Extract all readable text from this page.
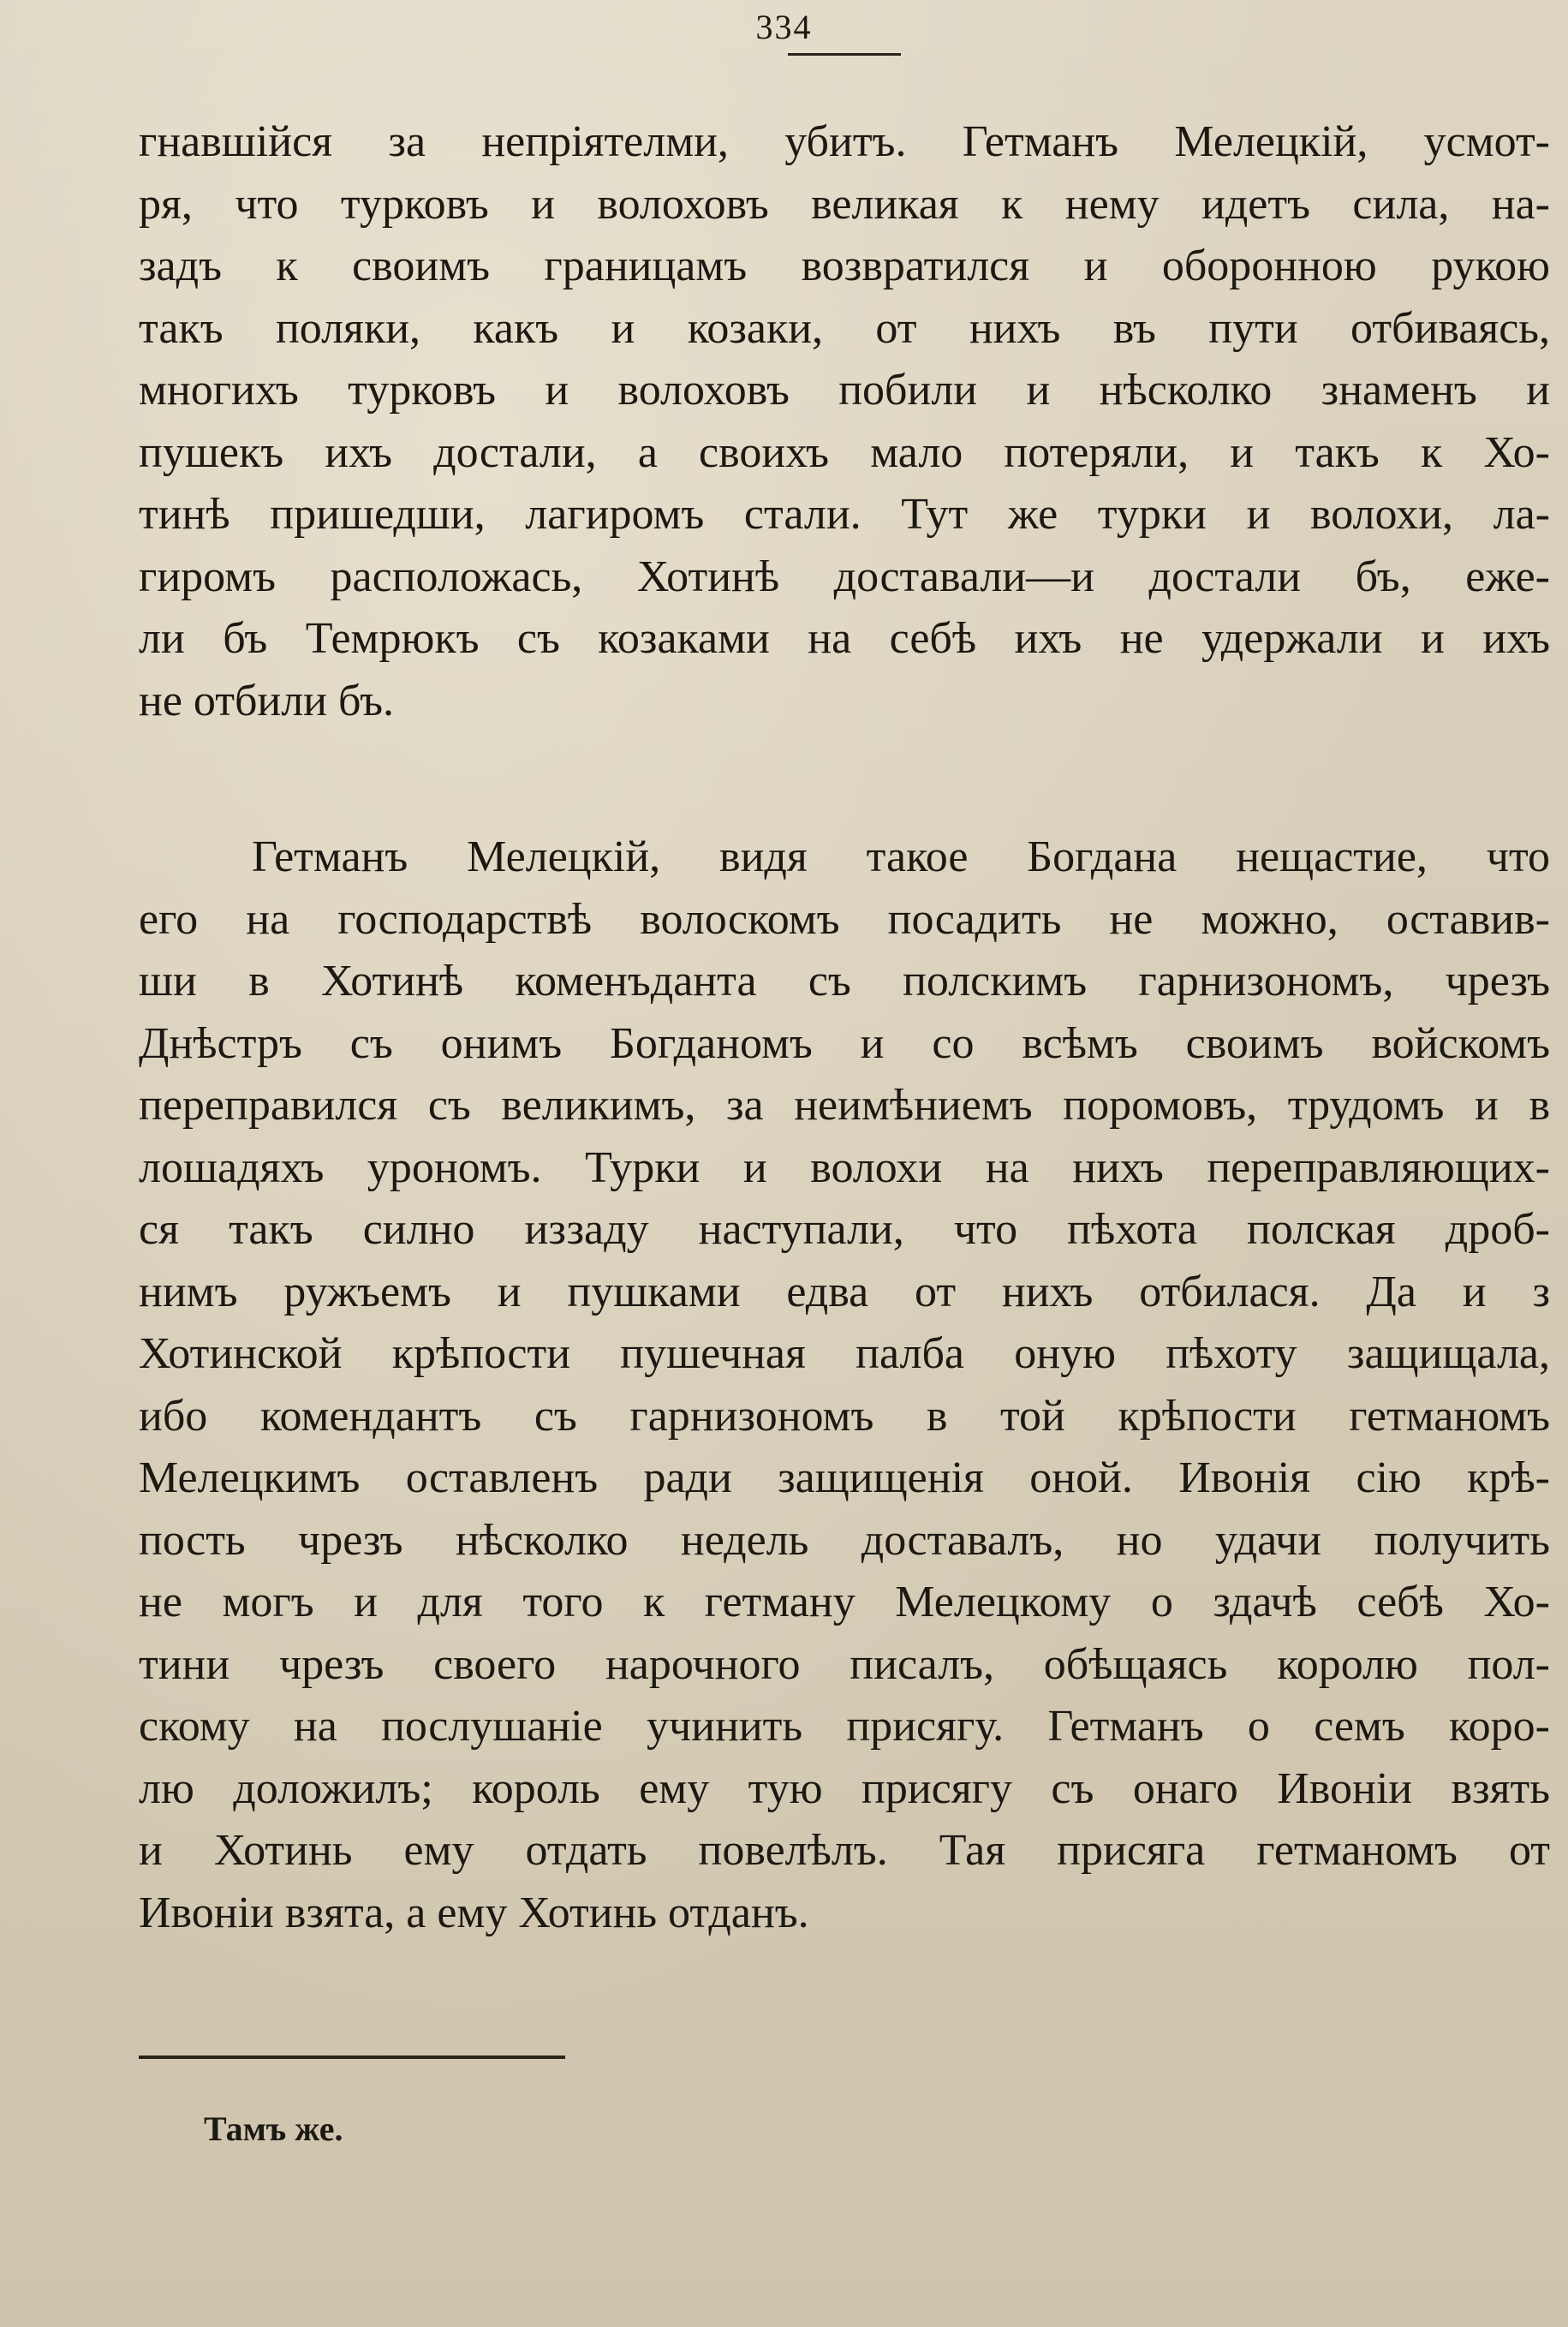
334
гнавшійся за непріятелми, убитъ. Гетманъ Мелецкій, усмот-
ря, что турковъ и волоховъ великая к нему идетъ сила, на-
задъ к своимъ границамъ возвратился и оборонною рукою
такъ поляки, какъ и козаки, от нихъ въ пути отбиваясь,
многихъ турковъ и волоховъ побили и нѣсколко знаменъ и
пушекъ ихъ достали, а своихъ мало потеряли, и такъ к Хо-
тинѣ пришедши, лагиромъ стали. Тут же турки и волохи, ла-
гиромъ расположась, Хотинѣ доставали—и достали бъ, еже-
ли бъ Темрюкъ съ козаками на себѣ ихъ не удержали и ихъ
не отбили бъ.
Гетманъ Мелецкій, видя такое Богдана нещастие, что
его на господарствѣ волоскомъ посадить не можно, оставив-
ши в Хотинѣ коменъданта съ полскимъ гарнизономъ, чрезъ
Днѣстръ съ онимъ Богданомъ и со всѣмъ своимъ войскомъ
переправился съ великимъ, за неимѣниемъ поромовъ, трудомъ и в
лошадяхъ урономъ. Турки и волохи на нихъ переправляющих-
ся такъ силно иззаду наступали, что пѣхота полская дроб-
нимъ ружъемъ и пушками едва от нихъ отбилася. Да и з
Хотинской крѣпости пушечная палба оную пѣхоту защищала,
ибо комендантъ съ гарнизономъ в той крѣпости гетманомъ
Мелецкимъ оставленъ ради защищенія оной. Ивонія сію крѣ-
пость чрезъ нѣсколко недель доставалъ, но удачи получить
не могъ и для того к гетману Мелецкому о здачѣ себѣ Хо-
тини чрезъ своего нарочного писалъ, обѣщаясь королю пол-
скому на послушаніе учинить присягу. Гетманъ о семъ коро-
лю доложилъ; король ему тую присягу съ онаго Ивоніи взять
и Хотинь ему отдать повелѣлъ. Тая присяга гетманомъ от
Ивоніи взята, а ему Хотинь отданъ.
Тамъ же.
